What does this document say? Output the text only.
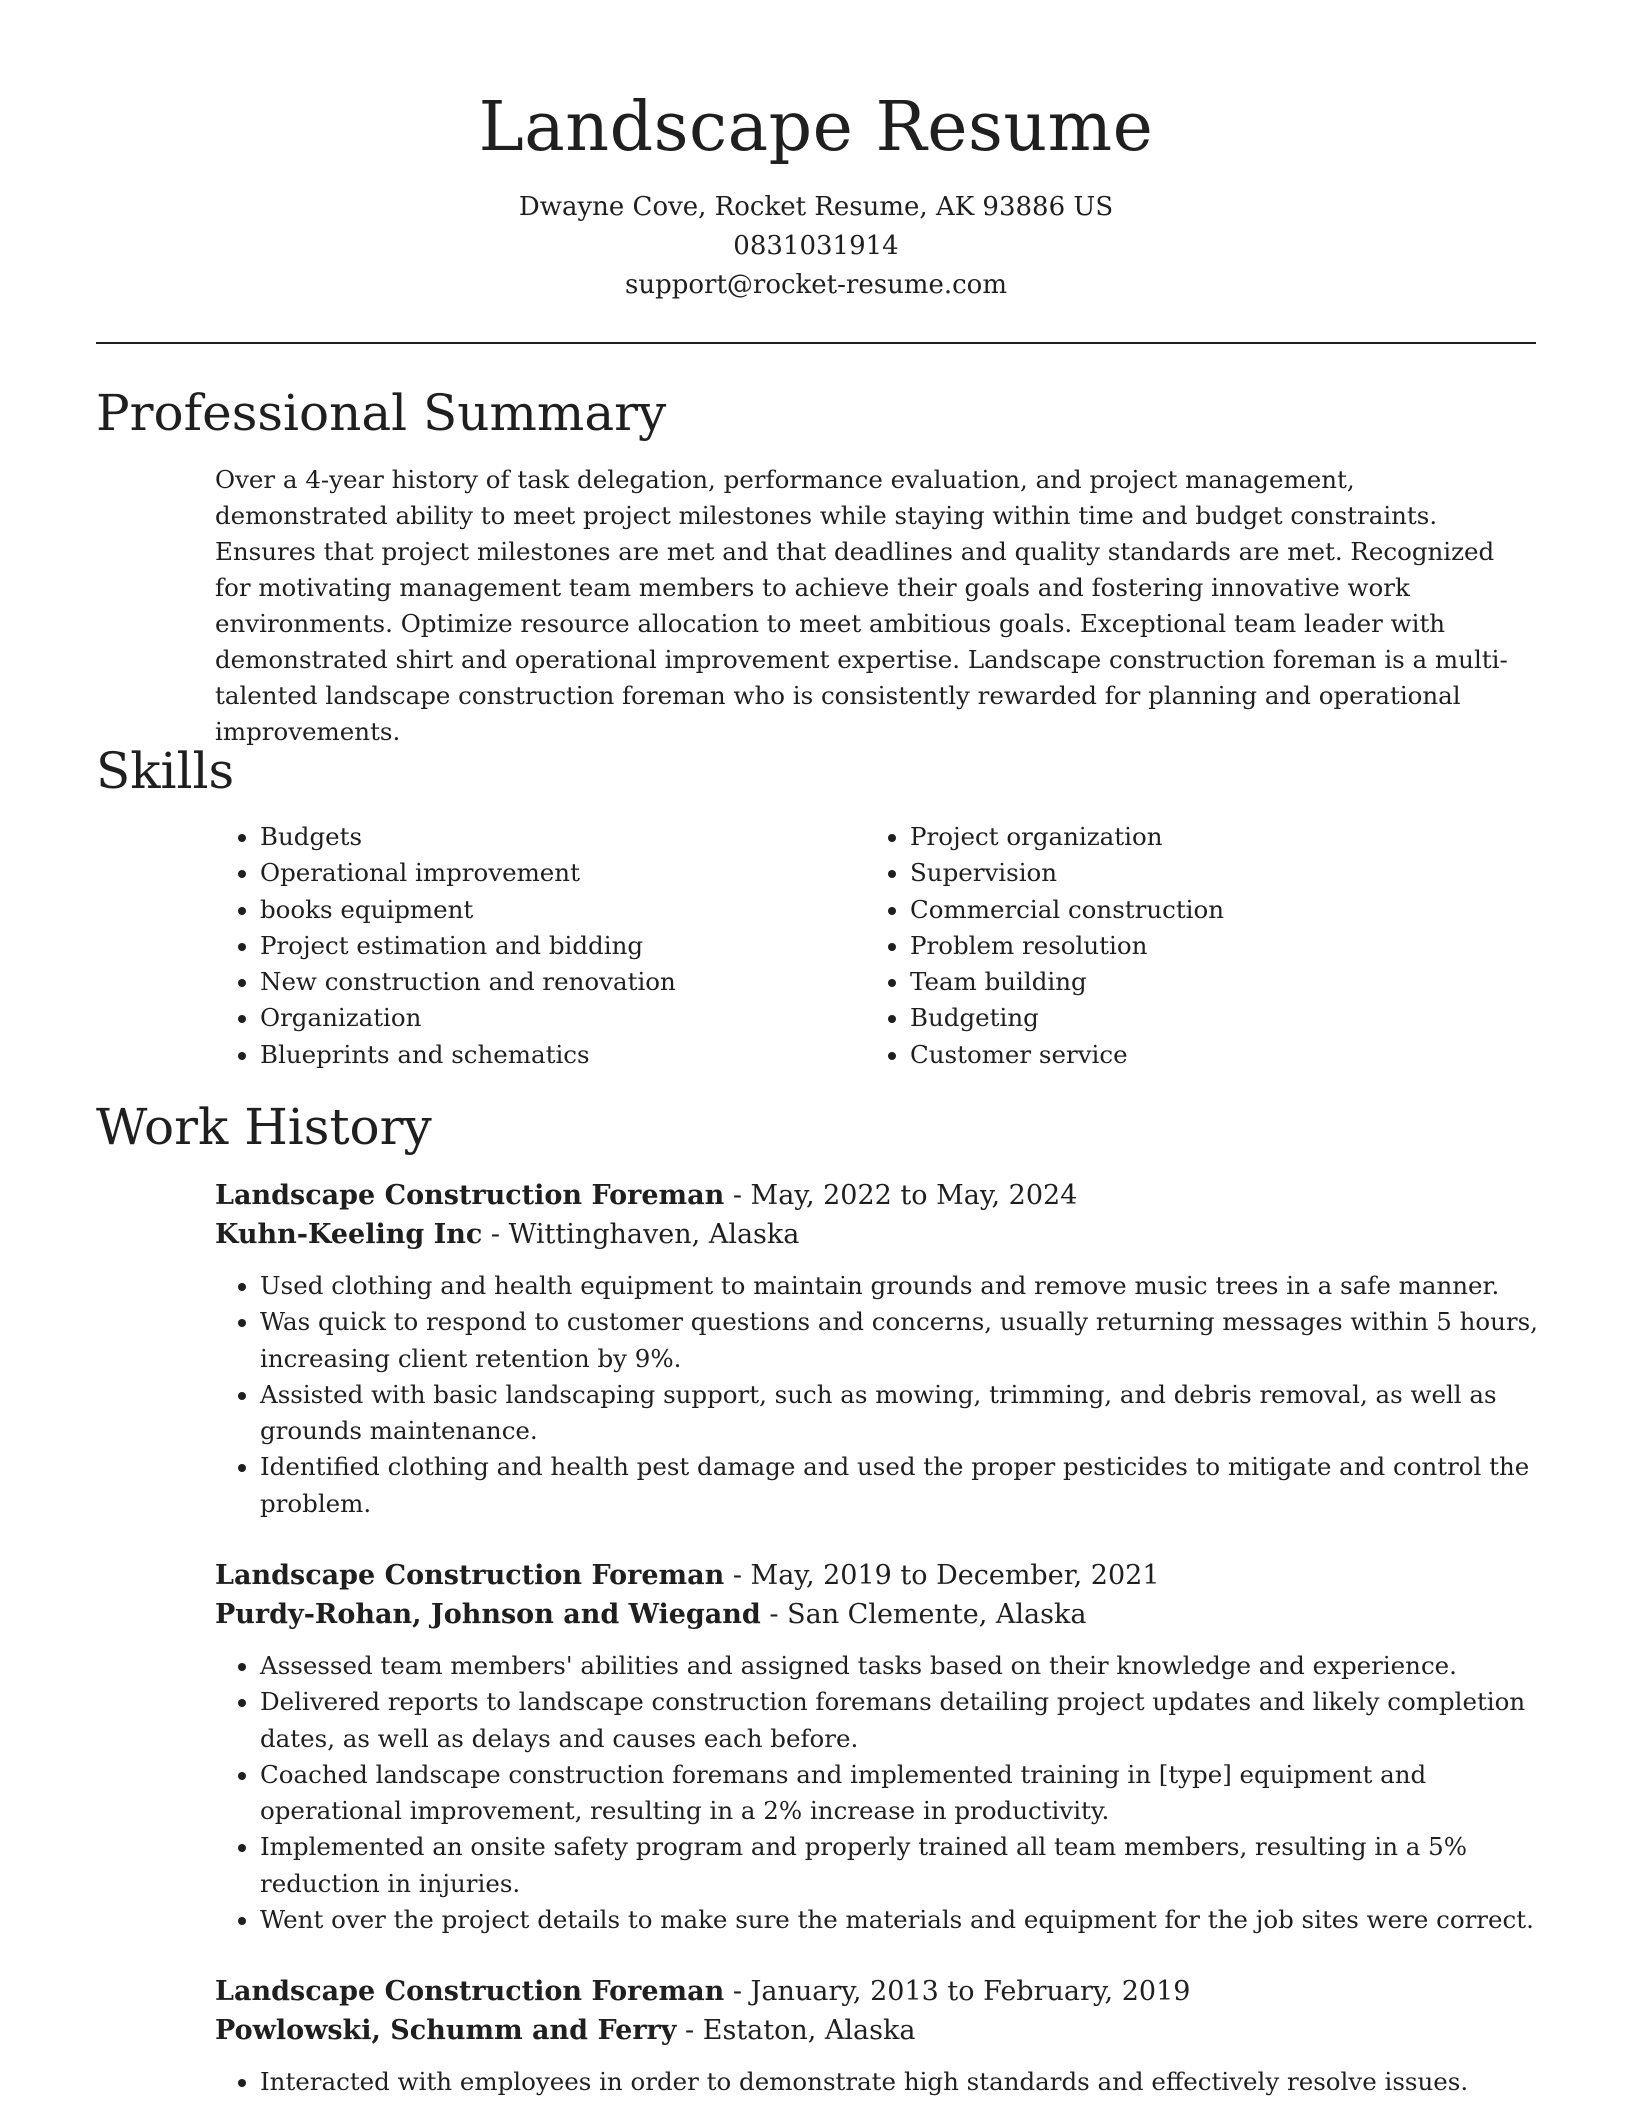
Landscape Resume
Dwayne Cove, Rocket Resume, AK 93886 US
0831031914
support@rocket-resume.com
Professional Summary

Over a 4-year history of task delegation, performance evaluation, and project management, demonstrated ability to meet project milestones while staying within time and budget constraints. Ensures that project milestones are met and that deadlines and quality standards are met. Recognized for motivating management team members to achieve their goals and fostering innovative work environments. Optimize resource allocation to meet ambitious goals. Exceptional team leader with demonstrated shirt and operational improvement expertise. Landscape construction foreman is a multi-talented landscape construction foreman who is consistently rewarded for planning and operational improvements.

Skills
• Budgets
• Operational improvement
• books equipment
• Project estimation and bidding
• New construction and renovation
• Organization
• Blueprints and schematics
• Project organization
• Supervision
• Commercial construction
• Problem resolution
• Team building
• Budgeting
• Customer service
Work History
Landscape Construction Foreman - May, 2022 to May, 2024
Kuhn-Keeling Inc - Wittinghaven, Alaska
• Used clothing and health equipment to maintain grounds and remove music trees in a safe manner.
• Was quick to respond to customer questions and concerns, usually returning messages within 5 hours, increasing client retention by 9%.
• Assisted with basic landscaping support, such as mowing, trimming, and debris removal, as well as grounds maintenance.
• Identified clothing and health pest damage and used the proper pesticides to mitigate and control the problem.
Landscape Construction Foreman - May, 2019 to December, 2021
Purdy-Rohan, Johnson and Wiegand - San Clemente, Alaska
• Assessed team members' abilities and assigned tasks based on their knowledge and experience.
• Delivered reports to landscape construction foremans detailing project updates and likely completion dates, as well as delays and causes each before.
• Coached landscape construction foremans and implemented training in [type] equipment and operational improvement, resulting in a 2% increase in productivity.
• Implemented an onsite safety program and properly trained all team members, resulting in a 5% reduction in injuries.
• Went over the project details to make sure the materials and equipment for the job sites were correct.
Landscape Construction Foreman - January, 2013 to February, 2019
Powlowski, Schumm and Ferry - Estaton, Alaska
• Interacted with employees in order to demonstrate high standards and effectively resolve issues.
